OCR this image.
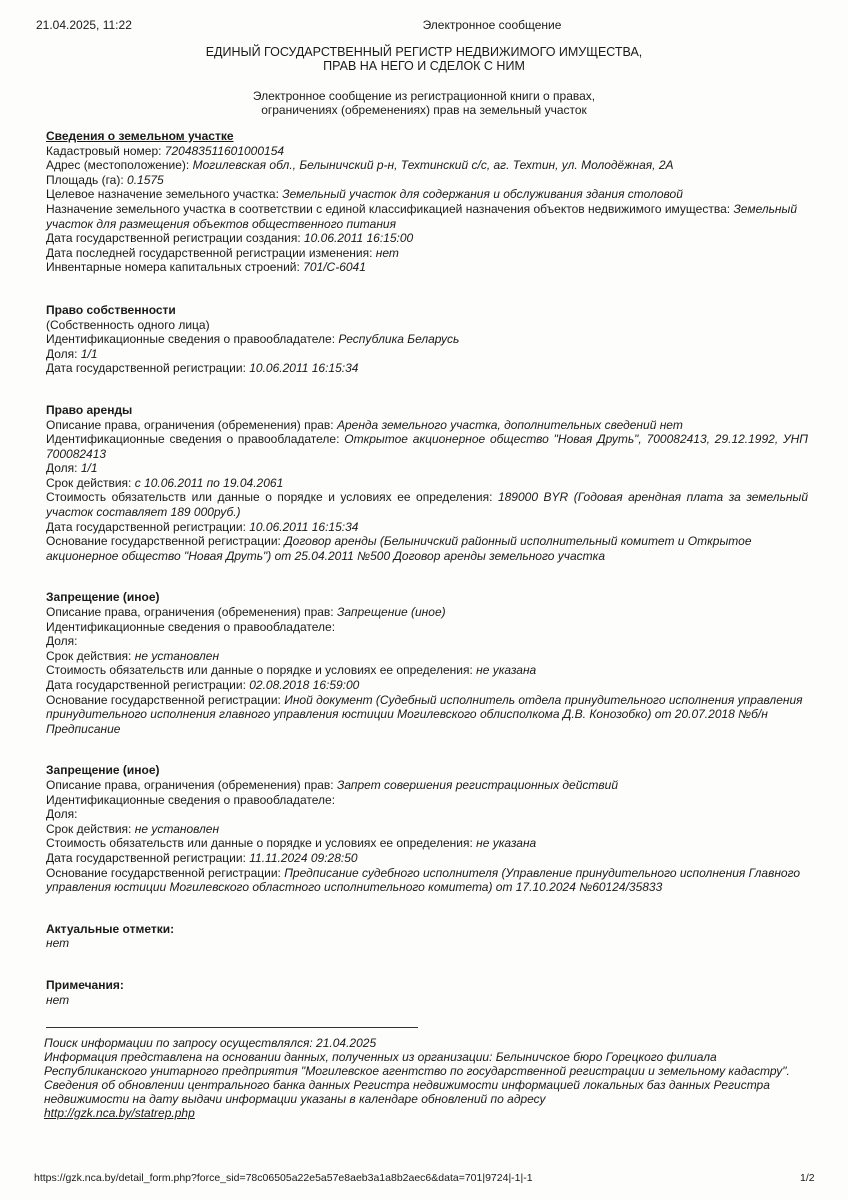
21.04.2025, 11:22	Электронное сообщение
ЕДИНЫЙ ГОСУДАРСТВЕННЫЙ РЕГИСТР НЕДВИЖИМОГО ИМУЩЕСТВА,
ПРАВ НА НЕГО И СДЕЛОК С НИМ
Электронное сообщение из регистрационной книги о правах,
ограничениях (обременениях) прав на земельный участок
Сведения о земельном участке
Кадастровый номер: 720483511601000154
Адрес (местоположение): Могилевская обл., Белыничский р-н, Техтинский с/с, аг. Техтин, ул. Молодёжная, 2А
Площадь (га): 0.1575
Целевое назначение земельного участка: Земельный участок для содержания и обслуживания здания столовой
Назначение земельного участка в соответствии с единой классификацией назначения объектов недвижимого имущества: Земельный участок для размещения объектов общественного питания
Дата государственной регистрации создания: 10.06.2011 16:15:00
Дата последней государственной регистрации изменения: нет
Инвентарные номера капитальных строений: 701/С-6041
Право собственности
(Собственность одного лица)
Идентификационные сведения о правообладателе: Республика Беларусь
Доля: 1/1
Дата государственной регистрации: 10.06.2011 16:15:34
Право аренды
Описание права, ограничения (обременения) прав: Аренда земельного участка, дополнительных сведений нет
Идентификационные сведения о правообладателе: Открытое акционерное общество "Новая Друть", 700082413, 29.12.1992, УНП 700082413
Доля: 1/1
Срок действия: с 10.06.2011 по 19.04.2061
Стоимость обязательств или данные о порядке и условиях ее определения: 189000 BYR (Годовая арендная плата за земельный участок составляет 189 000руб.)
Дата государственной регистрации: 10.06.2011 16:15:34
Основание государственной регистрации: Договор аренды (Белыничский районный исполнительный комитет и Открытое акционерное общество "Новая Друть") от 25.04.2011 №500 Договор аренды земельного участка
Запрещение (иное)
Описание права, ограничения (обременения) прав: Запрещение (иное)
Идентификационные сведения о правообладателе:
Доля:
Срок действия: не установлен
Стоимость обязательств или данные о порядке и условиях ее определения: не указана
Дата государственной регистрации: 02.08.2018 16:59:00
Основание государственной регистрации: Иной документ (Судебный исполнитель отдела принудительного исполнения управления принудительного исполнения главного управления юстиции Могилевского облисполкома Д.В. Конозобко) от 20.07.2018 №б/н Предписание
Запрещение (иное)
Описание права, ограничения (обременения) прав: Запрет совершения регистрационных действий
Идентификационные сведения о правообладателе:
Доля:
Срок действия: не установлен
Стоимость обязательств или данные о порядке и условиях ее определения: не указана
Дата государственной регистрации: 11.11.2024 09:28:50
Основание государственной регистрации: Предписание судебного исполнителя (Управление принудительного исполнения Главного управления юстиции Могилевского областного исполнительного комитета) от 17.10.2024 №60124/35833
Актуальные отметки:
нет
Примечания:
нет
Поиск информации по запросу осуществлялся: 21.04.2025
Информация представлена на основании данных, полученных из организации: Белыничское бюро Горецкого филиала Республиканского унитарного предприятия "Могилевское агентство по государственной регистрации и земельному кадастру".
Сведения об обновлении центрального банка данных Регистра недвижимости информацией локальных баз данных Регистра недвижимости на дату выдачи информации указаны в календаре обновлений по адресу
http://gzk.nca.by/statrep.php
https://gzk.nca.by/detail_form.php?force_sid=78c06505a22e5a57e8aeb3a1a8b2aec6&data=701|9724|-1|-1	1/2
